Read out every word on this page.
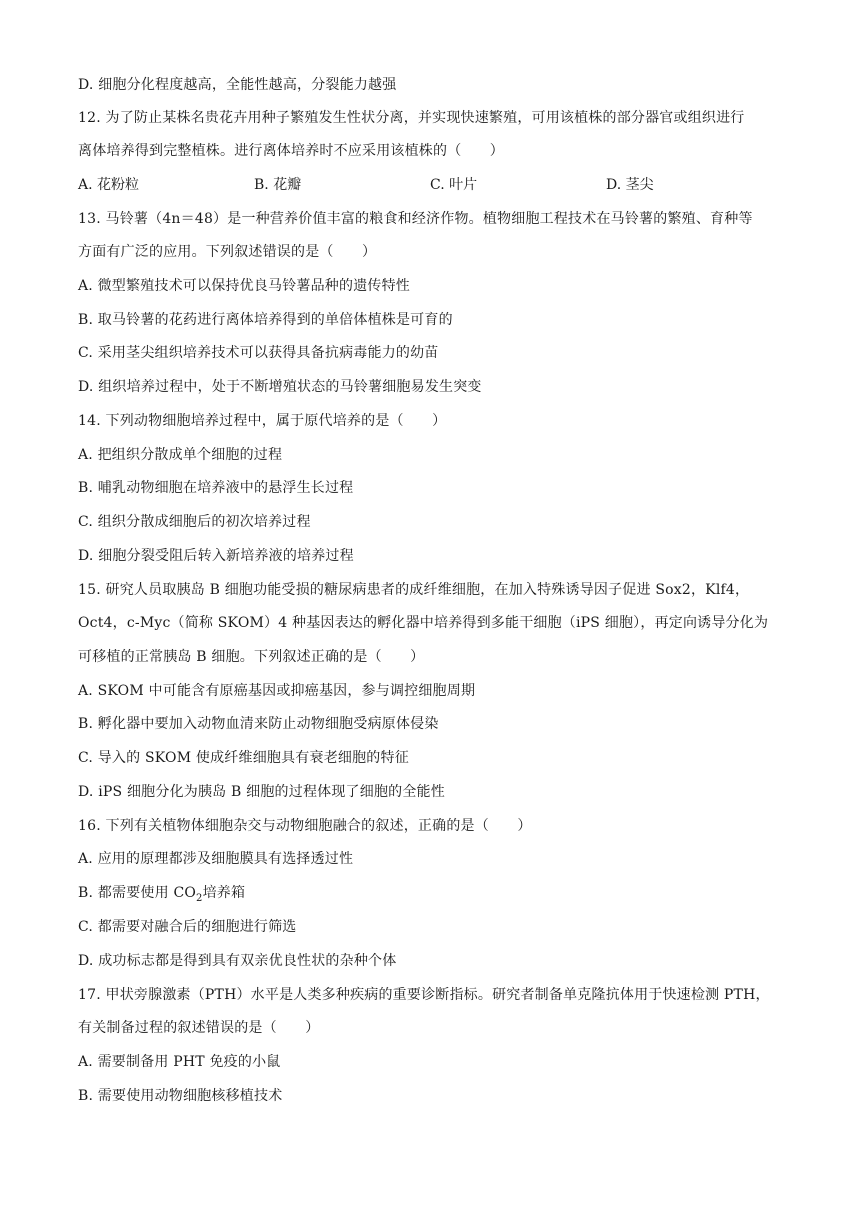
D. 细胞分化程度越高，全能性越高，分裂能力越强
12. 为了防止某株名贵花卉用种子繁殖发生性状分离，并实现快速繁殖，可用该植株的部分器官或组织进行
离体培养得到完整植株。进行离体培养时不应采用该植株的（　　）
A. 花粉粒	B. 花瓣	C. 叶片	D. 茎尖
13. 马铃薯（4n＝48）是一种营养价值丰富的粮食和经济作物。植物细胞工程技术在马铃薯的繁殖、育种等
方面有广泛的应用。下列叙述错误的是（　　）
A. 微型繁殖技术可以保持优良马铃薯品种的遗传特性
B. 取马铃薯的花药进行离体培养得到的单倍体植株是可育的
C. 采用茎尖组织培养技术可以获得具备抗病毒能力的幼苗
D. 组织培养过程中，处于不断增殖状态的马铃薯细胞易发生突变
14. 下列动物细胞培养过程中，属于原代培养的是（　　）
A. 把组织分散成单个细胞的过程
B. 哺乳动物细胞在培养液中的悬浮生长过程
C. 组织分散成细胞后的初次培养过程
D. 细胞分裂受阻后转入新培养液的培养过程
15. 研究人员取胰岛 B 细胞功能受损的糖尿病患者的成纤维细胞，在加入特殊诱导因子促进 Sox2，Klf4，
Oct4，c-Myc（简称 SKOM）4 种基因表达的孵化器中培养得到多能干细胞（iPS 细胞），再定向诱导分化为
可移植的正常胰岛 B 细胞。下列叙述正确的是（　　）
A. SKOM 中可能含有原癌基因或抑癌基因，参与调控细胞周期
B. 孵化器中要加入动物血清来防止动物细胞受病原体侵染
C. 导入的 SKOM 使成纤维细胞具有衰老细胞的特征
D. iPS 细胞分化为胰岛 B 细胞的过程体现了细胞的全能性
16. 下列有关植物体细胞杂交与动物细胞融合的叙述，正确的是（　　）
A. 应用的原理都涉及细胞膜具有选择透过性
B. 都需要使用 $CO_2$培养箱
C. 都需要对融合后的细胞进行筛选
D. 成功标志都是得到具有双亲优良性状的杂种个体
17. 甲状旁腺激素（PTH）水平是人类多种疾病的重要诊断指标。研究者制备单克隆抗体用于快速检测 PTH，
有关制备过程的叙述错误的是（　　）
A. 需要制备用 PHT 免疫的小鼠
B. 需要使用动物细胞核移植技术
